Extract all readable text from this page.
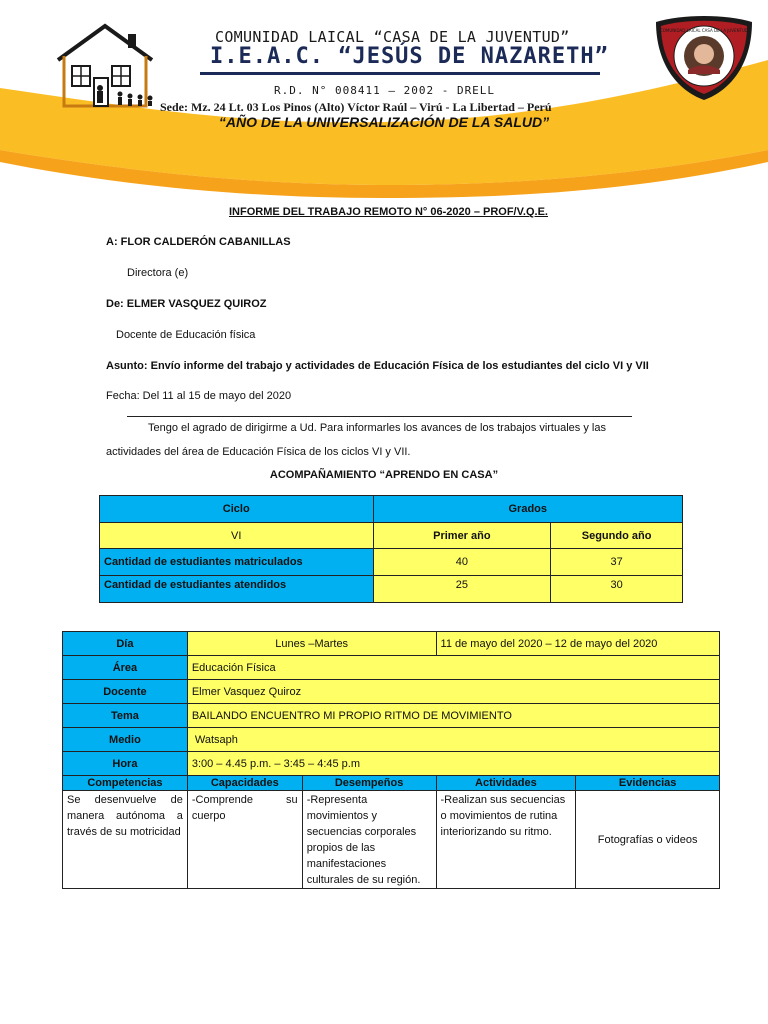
COMUNIDAD LAICAL “CASA DE LA JUVENTUD”
I.E.A.C. “JESÚS DE NAZARETH”
R.D. N° 008411 – 2002 - DRELL
Sede: Mz. 24 Lt. 03 Los Pinos (Alto) Víctor Raúl – Virú - La Libertad – Perú
“AÑO DE LA UNIVERSALIZACIÓN DE LA SALUD”
COMUNIDAD LAICAL CASA DE LA JUVENTUD
INFORME DEL TRABAJO REMOTO N° 06-2020 – PROF/V.Q.E.
A: FLOR CALDERÓN CABANILLAS
Directora (e)
De: ELMER VASQUEZ QUIROZ
Docente de Educación física
Asunto: Envío informe del trabajo y actividades de Educación Física de los estudiantes del ciclo VI y VII
Fecha: Del 11 al 15 de mayo del 2020
Tengo el agrado de dirigirme a Ud. Para informarles los avances de los trabajos virtuales y las
actividades del área de Educación Física de los ciclos VI y VII.
ACOMPAÑAMIENTO “APRENDO EN CASA”
Ciclo	Grados	
VI	Primer año	Segundo año
Cantidad de estudiantes matriculados	40	37
Cantidad de estudiantes atendidos	25	30
Día	Lunes –Martes		11 de mayo del 2020 – 12 de mayo del 2020	
Área	Educación Física			
Docente	Elmer Vasquez Quiroz			
Tema	BAILANDO ENCUENTRO MI PROPIO RITMO DE MOVIMIENTO			
Medio	Watsaph			
Hora	3:00 – 4.45 p.m. – 3:45 – 4:45 p.m			
Competencias	Capacidades	Desempeños	Actividades	Evidencias
Se desenvuelve de manera autónoma a través de su motricidad	-Comprende su cuerpo	-Representa movimientos y secuencias corporales propios de las manifestaciones culturales de su región.	-Realizan sus secuencias o movimientos de rutina interiorizando su ritmo.	Fotografías o videos
